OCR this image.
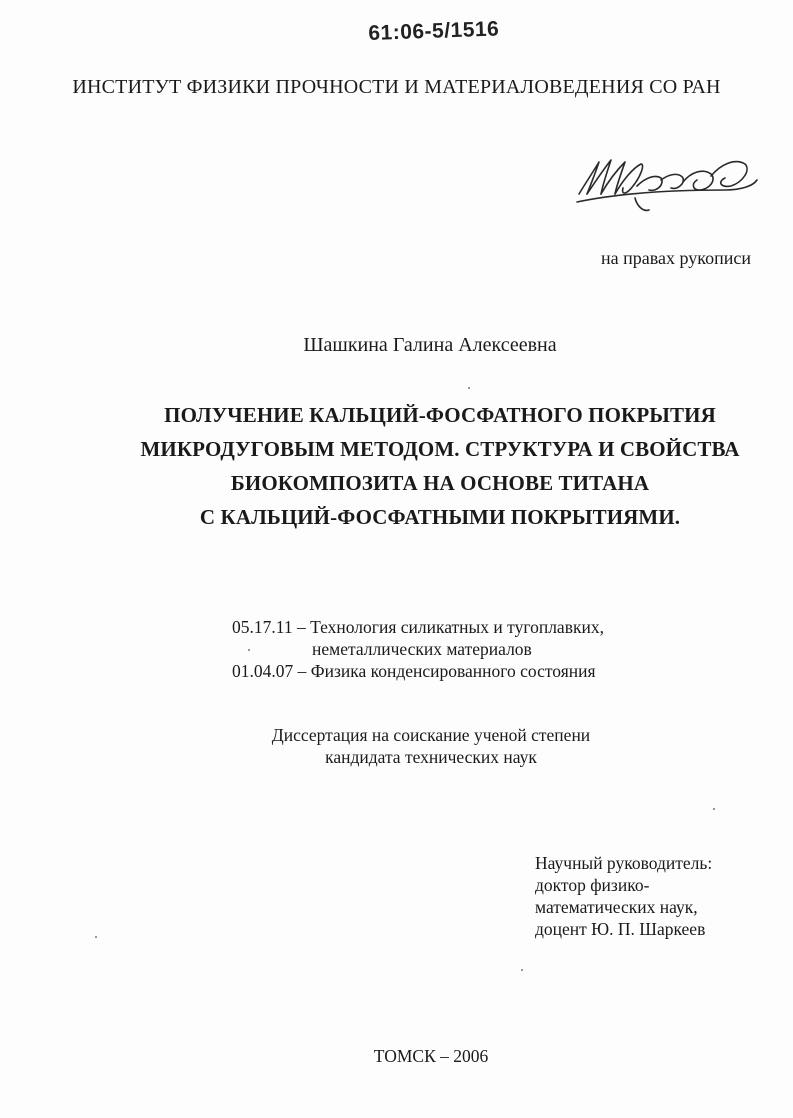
61:06-5/1516
ИНСТИТУТ ФИЗИКИ ПРОЧНОСТИ И МАТЕРИАЛОВЕДЕНИЯ СО РАН
на правах рукописи
Шашкина Галина Алексеевна
ПОЛУЧЕНИЕ КАЛЬЦИЙ-ФОСФАТНОГО ПОКРЫТИЯ
МИКРОДУГОВЫМ МЕТОДОМ. СТРУКТУРА И СВОЙСТВА
БИОКОМПОЗИТА НА ОСНОВЕ ТИТАНА
С КАЛЬЦИЙ-ФОСФАТНЫМИ ПОКРЫТИЯМИ.
05.17.11 – Технология силикатных и тугоплавких,
неметаллических материалов
01.04.07 – Физика конденсированного состояния
Диссертация на соискание ученой степени
кандидата технических наук
Научный руководитель:
доктор физико-
математических наук,
доцент Ю. П. Шаркеев
ТОМСК – 2006
